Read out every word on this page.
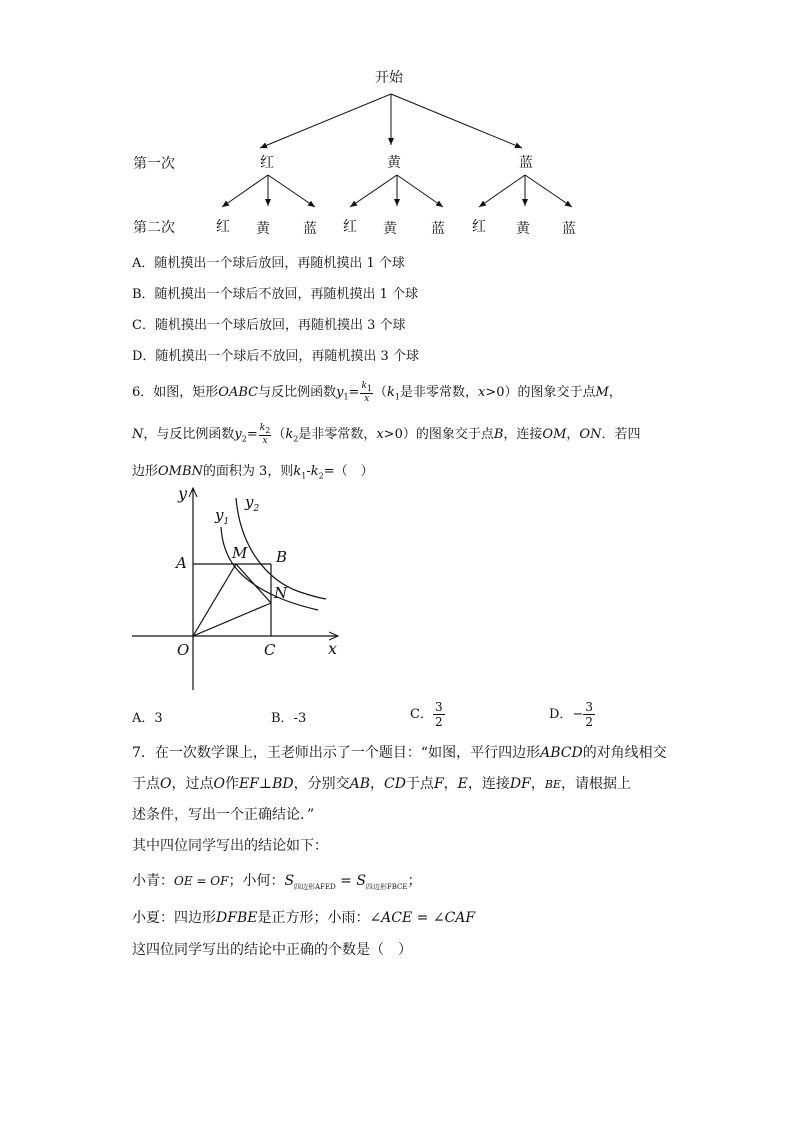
开始
第一次
第二次
红	黄	蓝
红 黄 蓝 红 黄 蓝 红 黄 蓝
A．随机摸出一个球后放回，再随机摸出 1 个球
B．随机摸出一个球后不放回，再随机摸出 1 个球
C．随机摸出一个球后放回，再随机摸出 3 个球
D．随机摸出一个球后不放回，再随机摸出 3 个球
6．如图，矩形OABC与反比例函数$y_1= \frac{k_1}{x} (k_1$是非零常数，x>0）的图象交于点M，
N，与反比例函数$y_2= \frac{k_2}{x} (k_2$是非零常数，x>0）的图象交于点B，连接OM，ON．若四
边形OMBN的面积为 3，则$k_1-k_2=$（　）
y
x
$y_1$
$y_2$
A
M B
N
O	C
A．3	B．-3	C． $\frac{3}{2}$	D．− $\frac{3}{2}$
7．在一次数学课上，王老师出示了一个题目：“如图，平行四边形ABCD的对角线相交
于点O，过点O作EF⊥BD，分别交AB，CD于点F，E，连接DF，BE，请根据上
述条件，写出一个正确结论．”
其中四位同学写出的结论如下：
小青：OE = OF；小何：$S_{四边形AFED} = S_{四边形FBCE}$；
小夏：四边形DFBE是正方形；小雨：∠ACE = ∠CAF
这四位同学写出的结论中正确的个数是（　）
